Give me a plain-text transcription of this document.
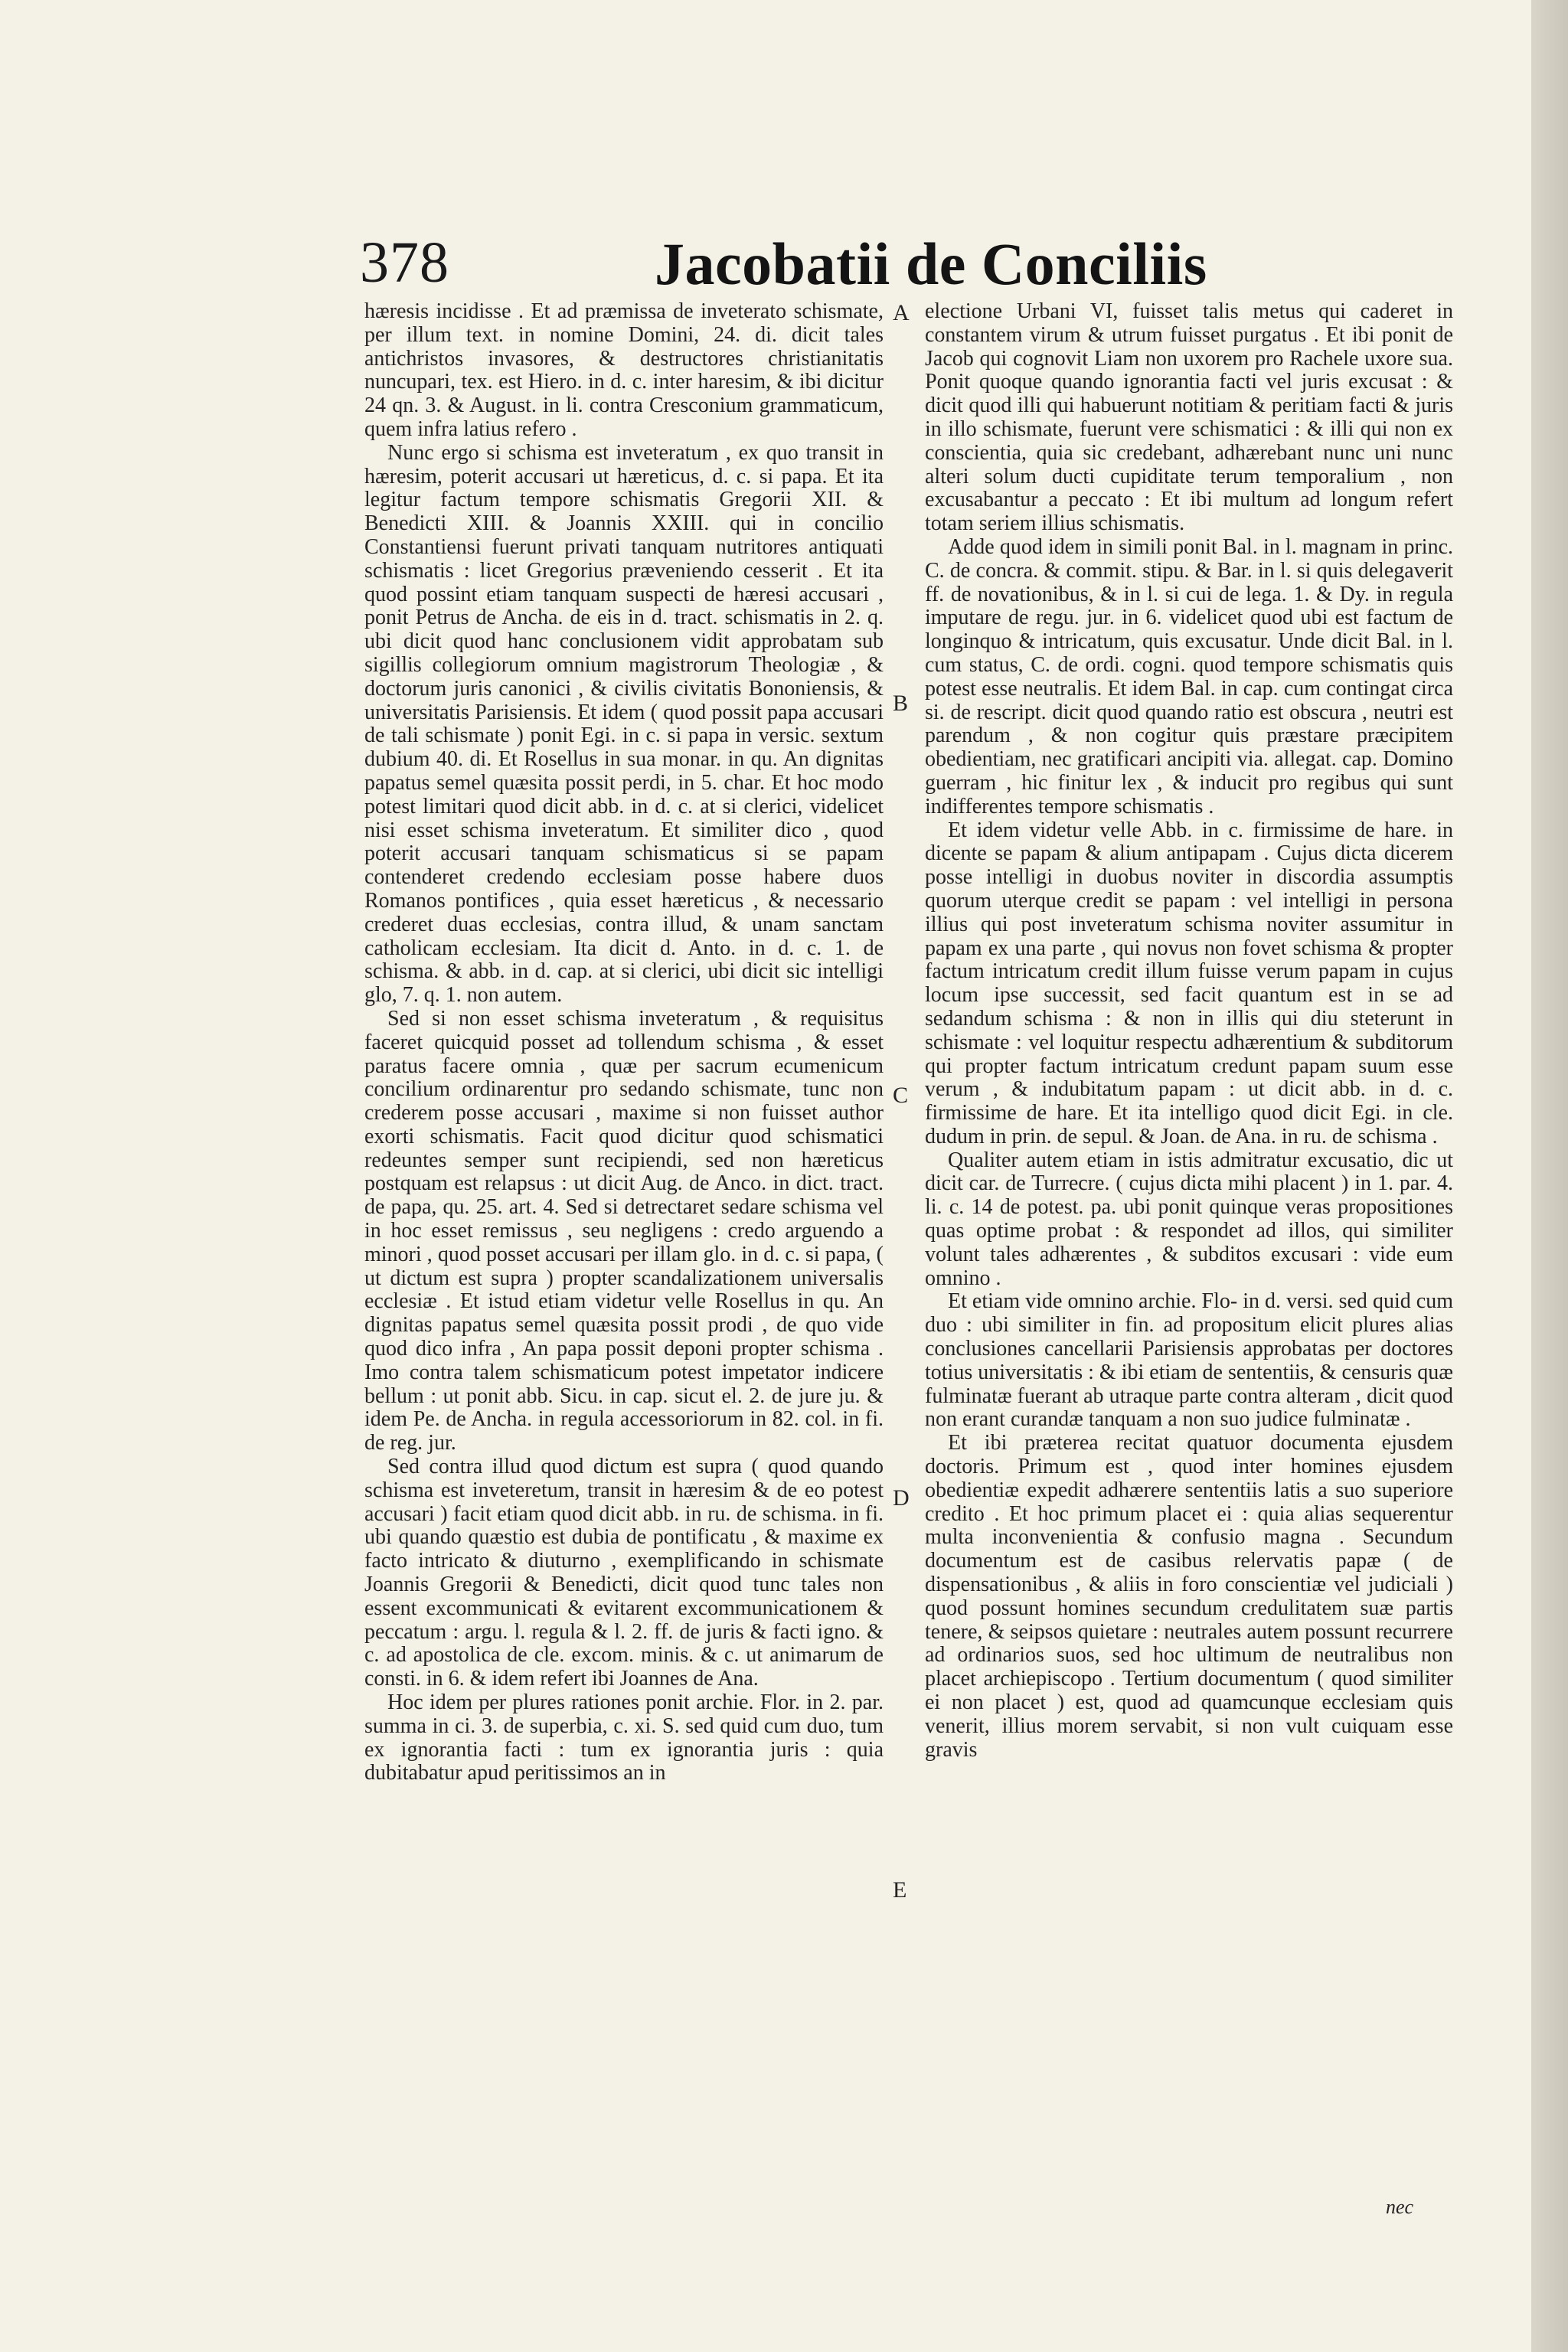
378	Jacobatii de Conciliis

hæresis incidisse . Et ad præmissa de inveterato schismate, per illum text. in nomine Domini, 24. di. dicit tales antichristos invasores, & destructores christianitatis nuncupari, tex. est Hiero. in d. c. inter haresim, & ibi dicitur 24 qn. 3. & August. in li. contra Cresconium grammaticum, quem infra latius refero .

Nunc ergo si schisma est inveteratum , ex quo transit in hæresim, poterit accusari ut hæreticus, d. c. si papa. Et ita legitur factum tempore schismatis Gregorii XII. & Benedicti XIII. & Joannis XXIII. qui in concilio Constantiensi fuerunt privati tanquam nutritores antiquati schismatis : licet Gregorius præveniendo cesserit . Et ita quod possint etiam tanquam suspecti de hæresi accusari , ponit Petrus de Ancha. de eis in d. tract. schismatis in 2. q. ubi dicit quod hanc conclusionem vidit approbatam sub sigillis collegiorum omnium magistrorum Theologiæ , & doctorum juris canonici , & civilis civitatis Bononiensis, & universitatis Parisiensis. Et idem ( quod possit papa accusari de tali schismate ) ponit Egi. in c. si papa in versic. sextum dubium 40. di. Et Rosellus in sua monar. in qu. An dignitas papatus semel quæsita possit perdi, in 5. char. Et hoc modo potest limitari quod dicit abb. in d. c. at si clerici, videlicet nisi esset schisma inveteratum. Et similiter dico , quod poterit accusari tanquam schismaticus si se papam contenderet credendo ecclesiam posse habere duos Romanos pontifices , quia esset hæreticus , & necessario crederet duas ecclesias, contra illud, & unam sanctam catholicam ecclesiam. Ita dicit d. Anto. in d. c. 1. de schisma. & abb. in d. cap. at si clerici, ubi dicit sic intelligi glo, 7. q. 1. non autem.

Sed si non esset schisma inveteratum , & requisitus faceret quicquid posset ad tollendum schisma , & esset paratus facere omnia , quæ per sacrum ecumenicum concilium ordinarentur pro sedando schismate, tunc non crederem posse accusari , maxime si non fuisset author exorti schismatis. Facit quod dicitur quod schismatici redeuntes semper sunt recipiendi, sed non hæreticus postquam est relapsus : ut dicit Aug. de Anco. in dict. tract. de papa, qu. 25. art. 4. Sed si detrectaret sedare schisma vel in hoc esset remissus , seu negligens : credo arguendo a minori , quod posset accusari per illam glo. in d. c. si papa, ( ut dictum est supra ) propter scandalizationem universalis ecclesiæ . Et istud etiam videtur velle Rosellus in qu. An dignitas papatus semel quæsita possit prodi , de quo vide quod dico infra , An papa possit deponi propter schisma . Imo contra talem schismaticum potest impetator indicere bellum : ut ponit abb. Sicu. in cap. sicut el. 2. de jure ju. & idem Pe. de Ancha. in regula accessoriorum in 82. col. in fi. de reg. jur.

Sed contra illud quod dictum est supra ( quod quando schisma est inveteretum, transit in hæresim & de eo potest accusari ) facit etiam quod dicit abb. in ru. de schisma. in fi. ubi quando quæstio est dubia de pontificatu , & maxime ex facto intricato & diuturno , exemplificando in schismate Joannis Gregorii & Benedicti, dicit quod tunc tales non essent excommunicati & evitarent excommunicationem & peccatum : argu. l. regula & l. 2. ff. de juris & facti igno. & c. ad apostolica de cle. excom. minis. & c. ut animarum de consti. in 6. & idem refert ibi Joannes de Ana.

Hoc idem per plures rationes ponit archie. Flor. in 2. par. summa in ci. 3. de superbia, c. xi. S. sed quid cum duo, tum ex ignorantia facti : tum ex ignorantia juris : quia dubitabatur apud peritissimos an in

A
B
C
D
E

electione Urbani VI, fuisset talis metus qui caderet in constantem virum & utrum fuisset purgatus . Et ibi ponit de Jacob qui cognovit Liam non uxorem pro Rachele uxore sua. Ponit quoque quando ignorantia facti vel juris excusat : & dicit quod illi qui habuerunt notitiam & peritiam facti & juris in illo schismate, fuerunt vere schismatici : & illi qui non ex conscientia, quia sic credebant, adhærebant nunc uni nunc alteri solum ducti cupiditate terum temporalium , non excusabantur a peccato : Et ibi multum ad longum refert totam seriem illius schismatis.

Adde quod idem in simili ponit Bal. in l. magnam in princ. C. de concra. & commit. stipu. & Bar. in l. si quis delegaverit ff. de novationibus, & in l. si cui de lega. 1. & Dy. in regula imputare de regu. jur. in 6. videlicet quod ubi est factum de longinquo & intricatum, quis excusatur. Unde dicit Bal. in l. cum status, C. de ordi. cogni. quod tempore schismatis quis potest esse neutralis. Et idem Bal. in cap. cum contingat circa si. de rescript. dicit quod quando ratio est obscura , neutri est parendum , & non cogitur quis præstare præcipitem obedientiam, nec gratificari ancipiti via. allegat. cap. Domino guerram , hic finitur lex , & inducit pro regibus qui sunt indifferentes tempore schismatis .

Et idem videtur velle Abb. in c. firmissime de hare. in dicente se papam & alium antipapam . Cujus dicta dicerem posse intelligi in duobus noviter in discordia assumptis quorum uterque credit se papam : vel intelligi in persona illius qui post inveteratum schisma noviter assumitur in papam ex una parte , qui novus non fovet schisma & propter factum intricatum credit illum fuisse verum papam in cujus locum ipse successit, sed facit quantum est in se ad sedandum schisma : & non in illis qui diu steterunt in schismate : vel loquitur respectu adhærentium & subditorum qui propter factum intricatum credunt papam suum esse verum , & indubitatum papam : ut dicit abb. in d. c. firmissime de hare. Et ita intelligo quod dicit Egi. in cle. dudum in prin. de sepul. & Joan. de Ana. in ru. de schisma .

Qualiter autem etiam in istis admitratur excusatio, dic ut dicit car. de Turrecre. ( cujus dicta mihi placent ) in 1. par. 4. li. c. 14 de potest. pa. ubi ponit quinque veras propositiones quas optime probat : & respondet ad illos, qui similiter volunt tales adhærentes , & subditos excusari : vide eum omnino .

Et etiam vide omnino archie. Flo- in d. versi. sed quid cum duo : ubi similiter in fin. ad propositum elicit plures alias conclusiones cancellarii Parisiensis approbatas per doctores totius universitatis : & ibi etiam de sententiis, & censuris quæ fulminatæ fuerant ab utraque parte contra alteram , dicit quod non erant curandæ tanquam a non suo judice fulminatæ .

Et ibi præterea recitat quatuor documenta ejusdem doctoris. Primum est , quod inter homines ejusdem obedientiæ expedit adhærere sententiis latis a suo superiore credito . Et hoc primum placet ei : quia alias sequerentur multa inconvenientia & confusio magna . Secundum documentum est de casibus relervatis papæ ( de dispensationibus , & aliis in foro conscientiæ vel judiciali ) quod possunt homines secundum credulitatem suæ partis tenere, & seipsos quietare : neutrales autem possunt recurrere ad ordinarios suos, sed hoc ultimum de neutralibus non placet archiepiscopo . Tertium documentum ( quod similiter ei non placet ) est, quod ad quamcunque ecclesiam quis venerit, illius morem servabit, si non vult cuiquam esse gravis

nec
